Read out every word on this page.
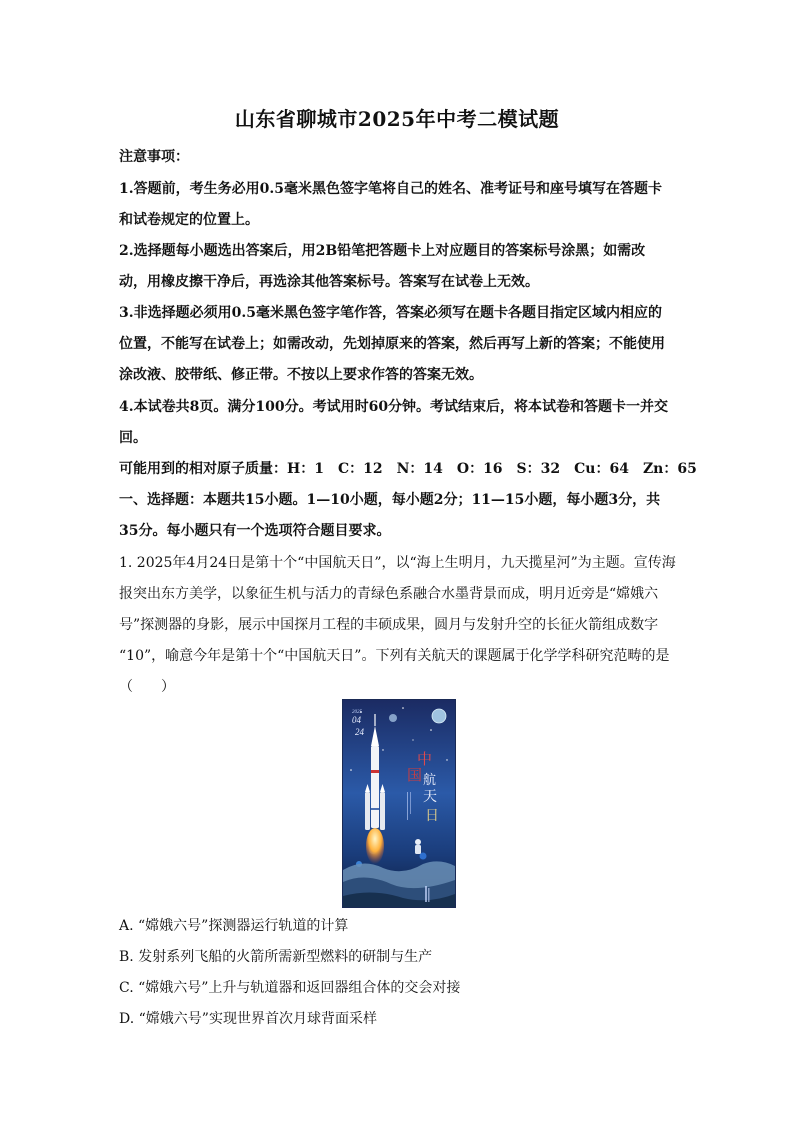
山东省聊城市2025年中考二模试题
注意事项：
1.答题前，考生务必用0.5毫米黑色签字笔将自己的姓名、准考证号和座号填写在答题卡
和试卷规定的位置上。
2.选择题每小题选出答案后，用2B铅笔把答题卡上对应题目的答案标号涂黑；如需改
动，用橡皮擦干净后，再选涂其他答案标号。答案写在试卷上无效。
3.非选择题必须用0.5毫米黑色签字笔作答，答案必须写在题卡各题目指定区域内相应的
位置，不能写在试卷上；如需改动，先划掉原来的答案，然后再写上新的答案；不能使用
涂改液、胶带纸、修正带。不按以上要求作答的答案无效。
4.本试卷共8页。满分100分。考试用时60分钟。考试结束后，将本试卷和答题卡一并交
回。
可能用到的相对原子质量：H：1　C：12　N：14　O：16　S：32　Cu：64　Zn：65
一、选择题：本题共15小题。1—10小题，每小题2分；11—15小题，每小题3分，共
35分。每小题只有一个选项符合题目要求。
1. 2025年4月24日是第十个“中国航天日”，以“海上生明月，九天揽星河”为主题。宣传海
报突出东方美学，以象征生机与活力的青绿色系融合水墨背景而成，明月近旁是“嫦娥六
号”探测器的身影，展示中国探月工程的丰硕成果，圆月与发射升空的长征火箭组成数字
“10”，喻意今年是第十个“中国航天日”。下列有关航天的课题属于化学学科研究范畴的是
（　　）
2025
04
24
中
国 航
天
日
A. “嫦娥六号”探测器运行轨道的计算
B. 发射系列飞船的火箭所需新型燃料的研制与生产
C. “嫦娥六号”上升与轨道器和返回器组合体的交会对接
D. “嫦娥六号”实现世界首次月球背面采样
